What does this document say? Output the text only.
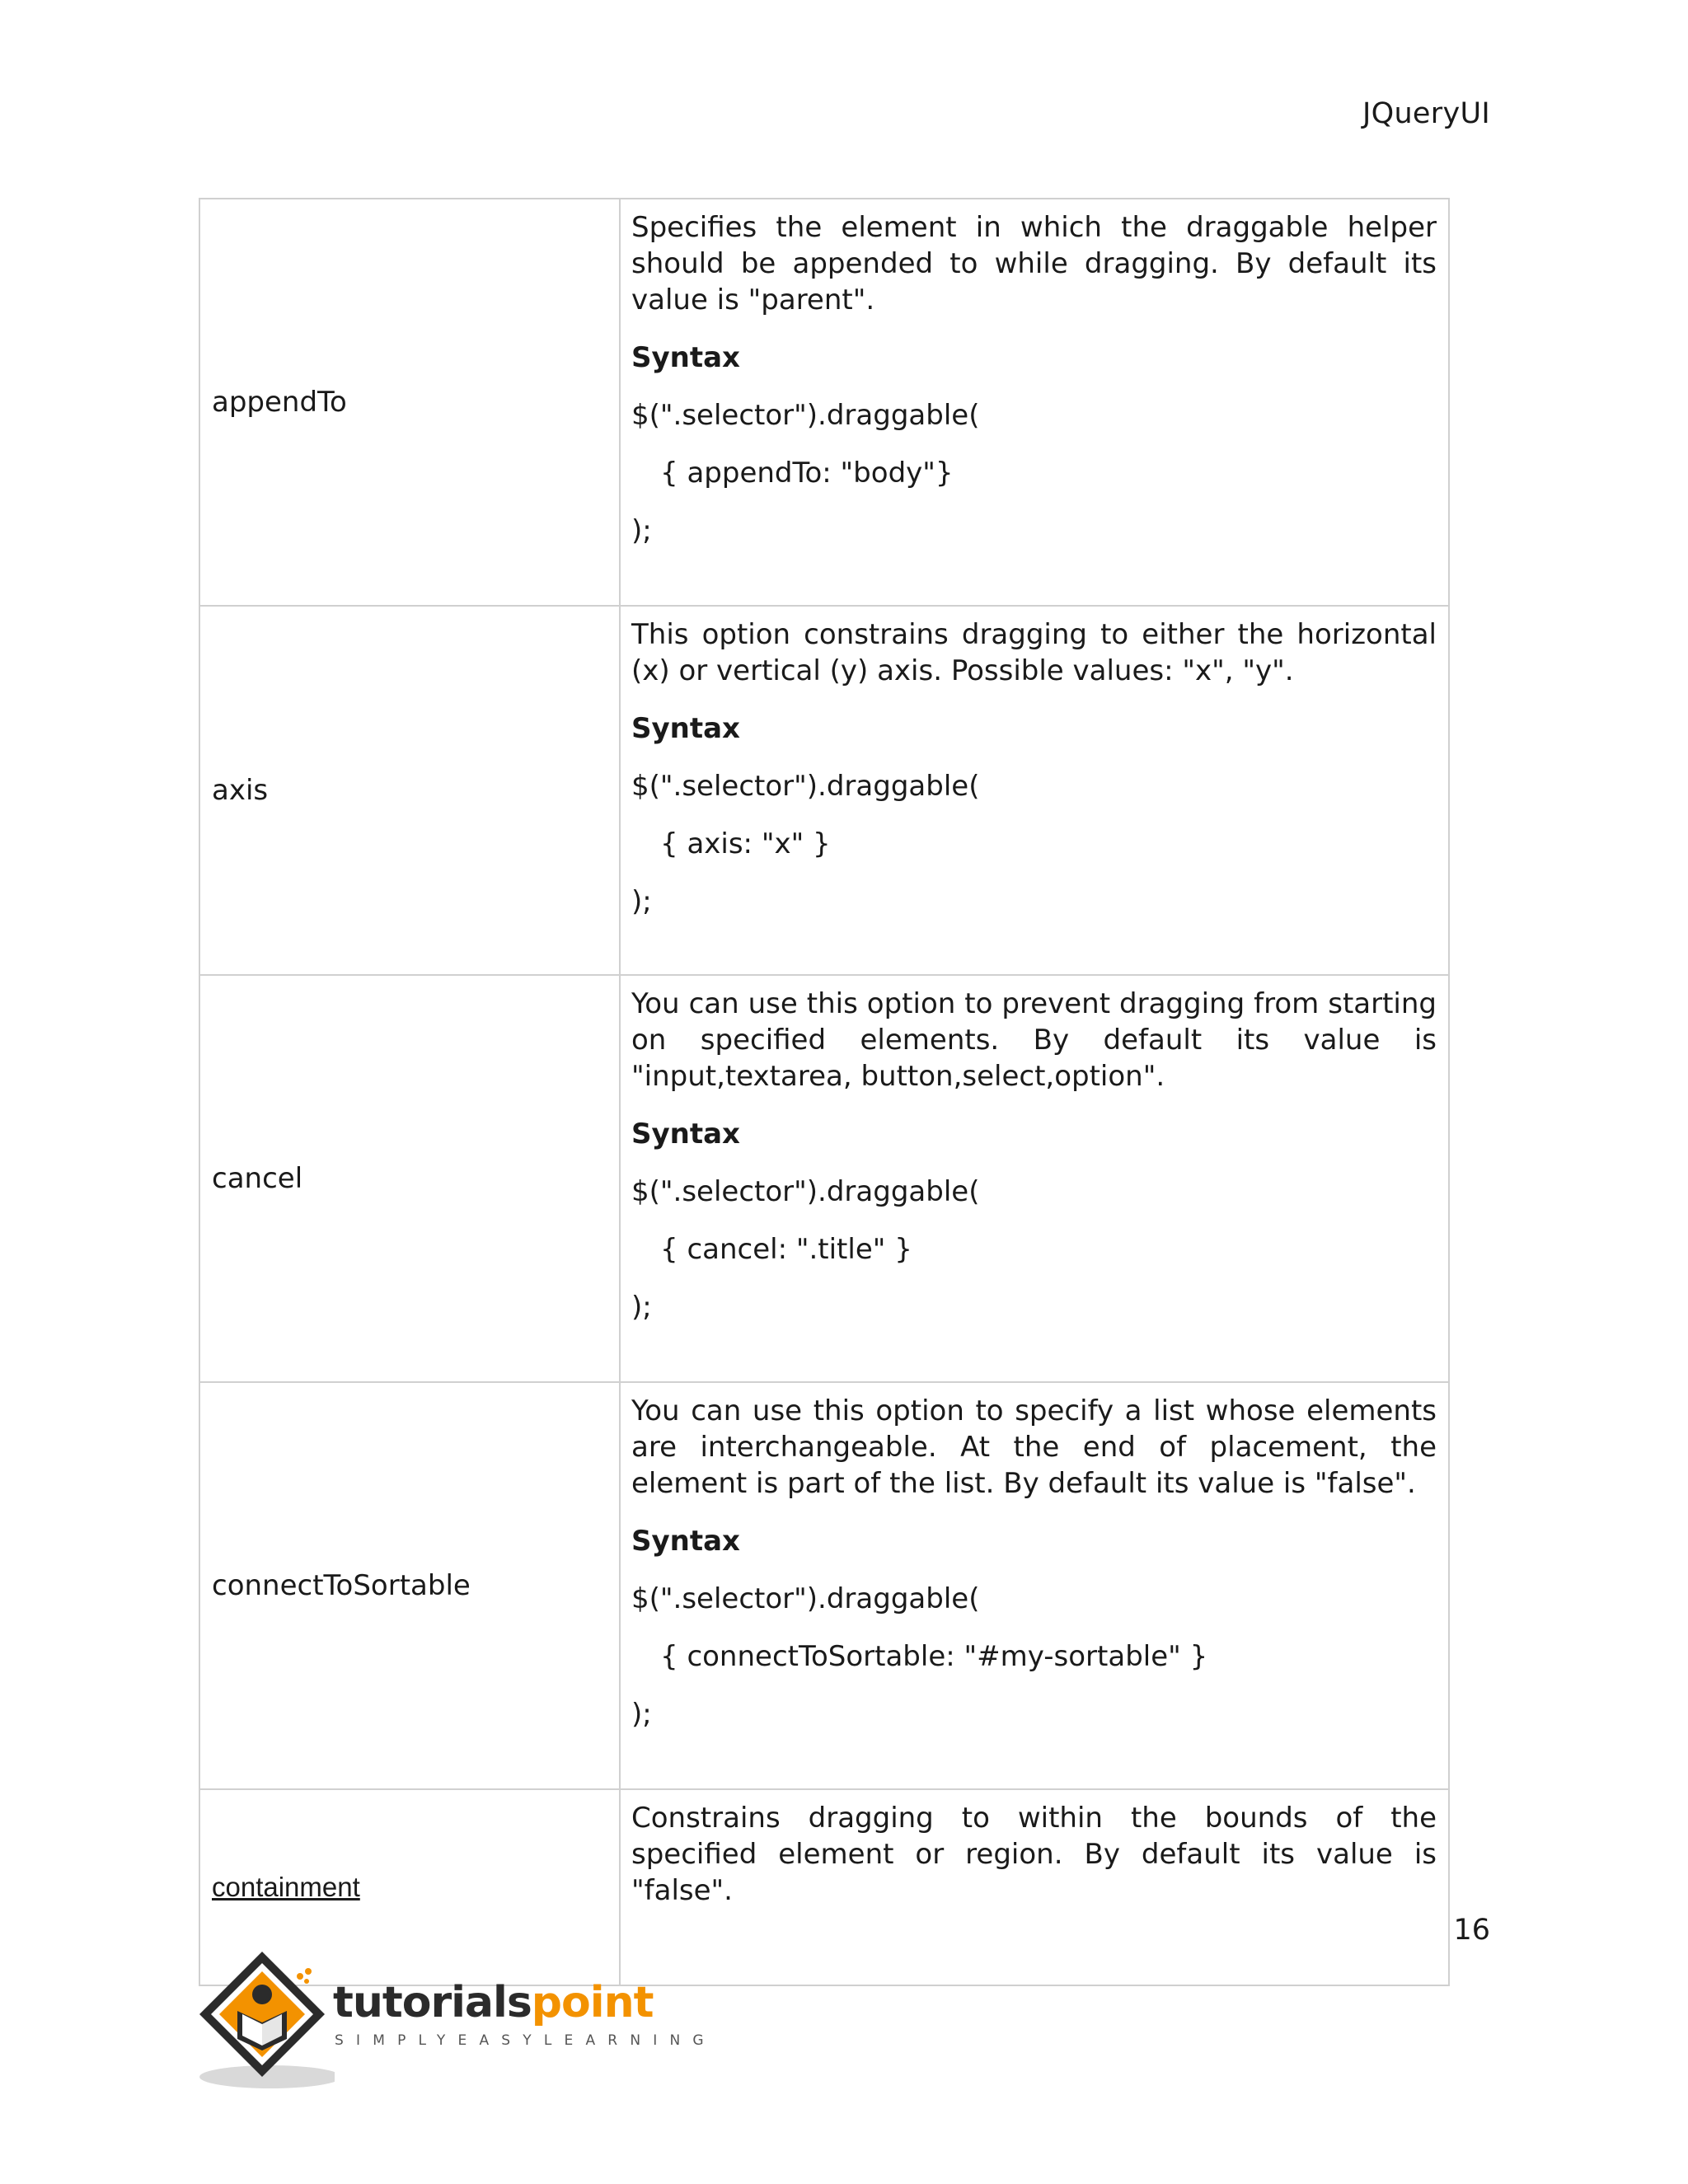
JQueryUI
appendTo	Specifies the element in which the draggable helper should be appended to while dragging. By default its value is "parent".
Syntax
$(".selector").draggable(
{ appendTo: "body"}
);

axis	This option constrains dragging to either the horizontal (x) or vertical (y) axis. Possible values: "x", "y".
Syntax
$(".selector").draggable(
{ axis: "x" }
);

cancel	You can use this option to prevent dragging from starting on specified elements. By default its value is "input,textarea, button,select,option".
Syntax
$(".selector").draggable(
{ cancel: ".title" }
);

connectToSortable	You can use this option to specify a list whose elements are interchangeable. At the end of placement, the element is part of the list. By default its value is "false".
Syntax
$(".selector").draggable(
{ connectToSortable: "#my-sortable" }
);

containment	Constrains dragging to within the bounds of the specified element or region. By default its value is "false".
16
tutorialspoint
SIMPLYEASYLEARNING
